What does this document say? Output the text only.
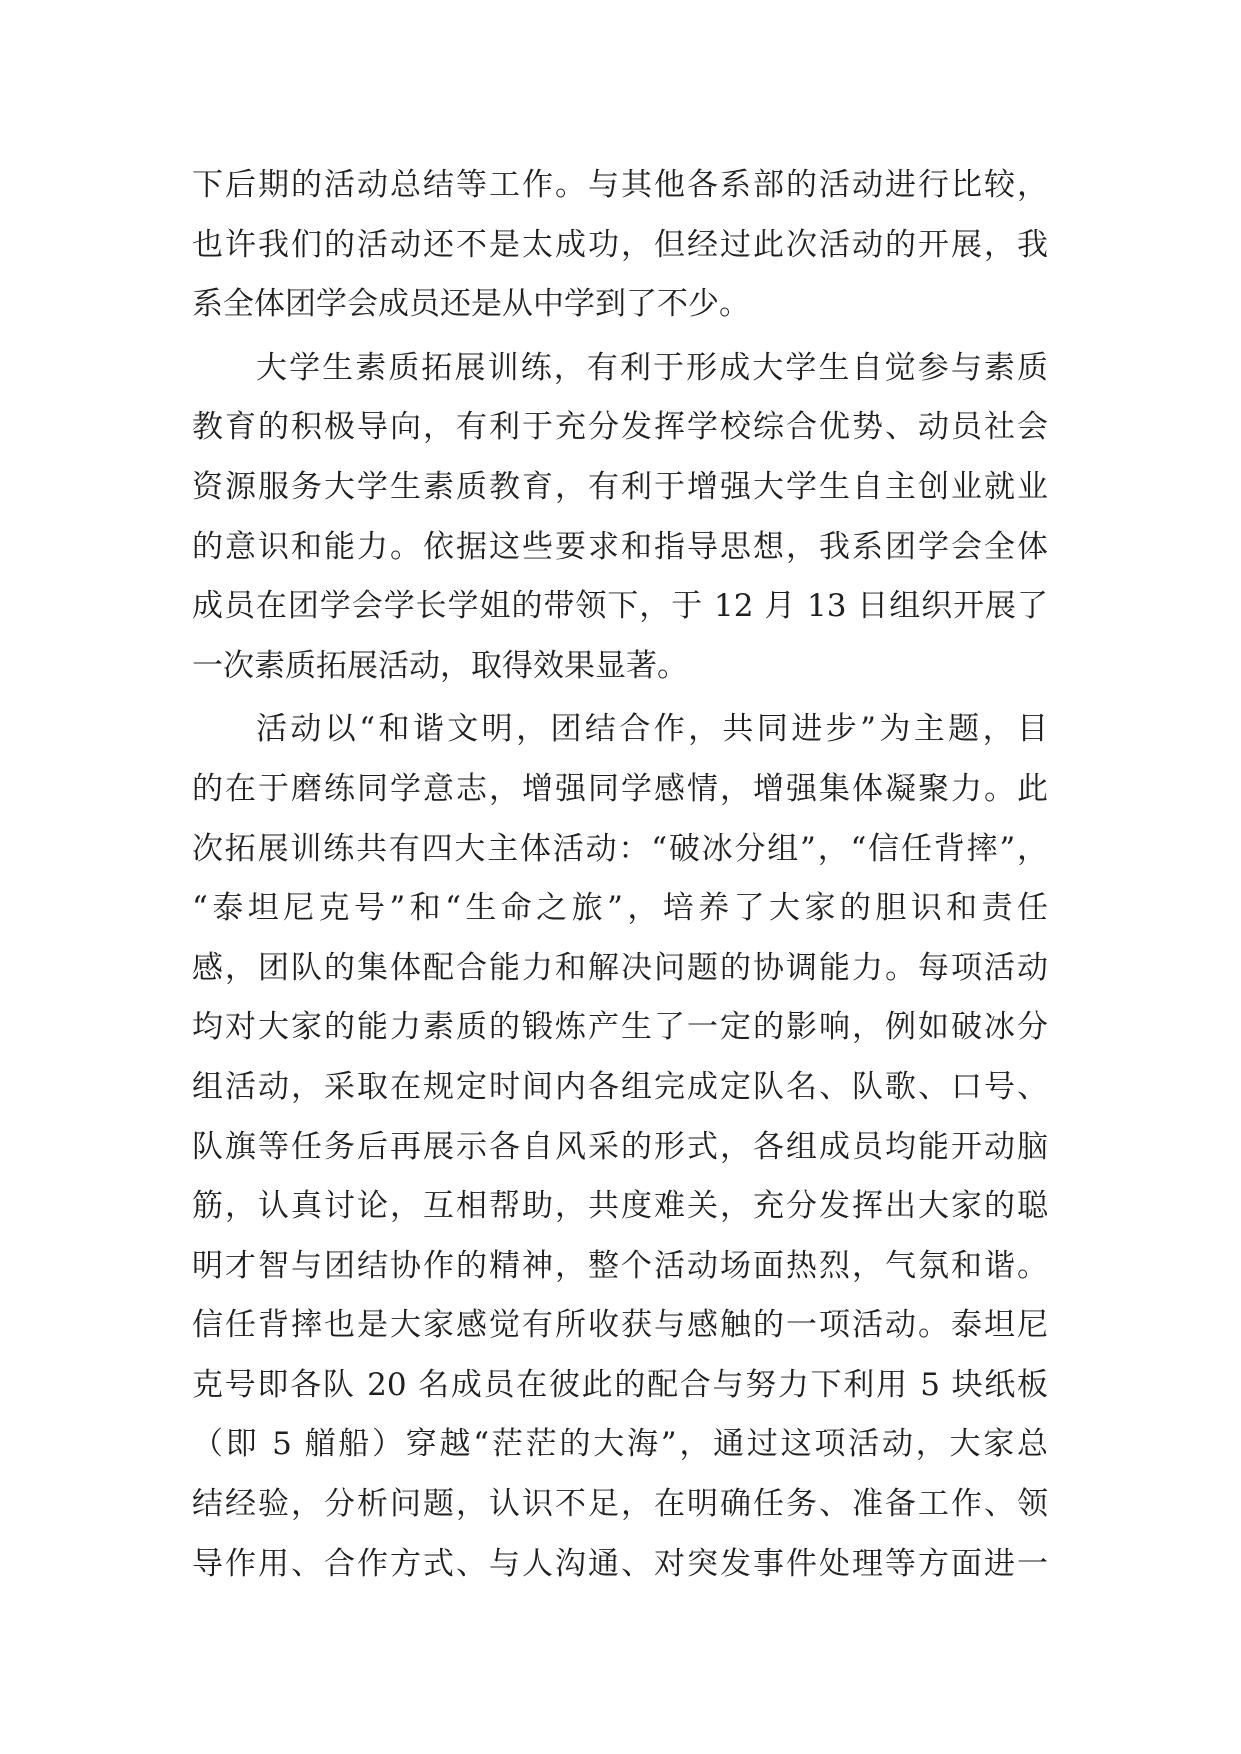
下后期的活动总结等工作。与其他各系部的活动进行比较，
也许我们的活动还不是太成功，但经过此次活动的开展，我
系全体团学会成员还是从中学到了不少。
大学生素质拓展训练，有利于形成大学生自觉参与素质
教育的积极导向，有利于充分发挥学校综合优势、动员社会
资源服务大学生素质教育，有利于增强大学生自主创业就业
的意识和能力。依据这些要求和指导思想，我系团学会全体
成员在团学会学长学姐的带领下，于 12 月 13 日组织开展了
一次素质拓展活动，取得效果显著。
活动以“和谐文明，团结合作，共同进步”为主题，目
的在于磨练同学意志，增强同学感情，增强集体凝聚力。此
次拓展训练共有四大主体活动：“破冰分组”，“信任背摔”，
“泰坦尼克号”和“生命之旅”，培养了大家的胆识和责任
感，团队的集体配合能力和解决问题的协调能力。每项活动
均对大家的能力素质的锻炼产生了一定的影响，例如破冰分
组活动，采取在规定时间内各组完成定队名、队歌、口号、
队旗等任务后再展示各自风采的形式，各组成员均能开动脑
筋，认真讨论，互相帮助，共度难关，充分发挥出大家的聪
明才智与团结协作的精神，整个活动场面热烈，气氛和谐。
信任背摔也是大家感觉有所收获与感触的一项活动。泰坦尼
克号即各队 20 名成员在彼此的配合与努力下利用 5 块纸板
（即 5 艏船）穿越“茫茫的大海”，通过这项活动，大家总
结经验，分析问题，认识不足，在明确任务、准备工作、领
导作用、合作方式、与人沟通、对突发事件处理等方面进一
